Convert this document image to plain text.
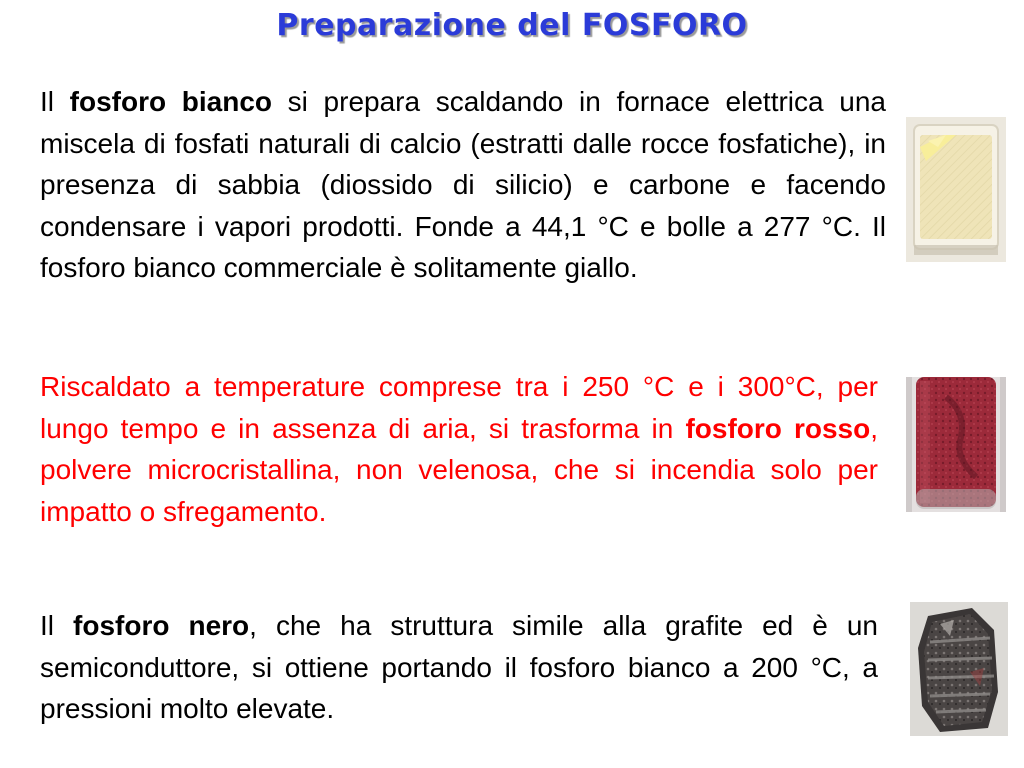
Preparazione del FOSFORO

Il fosforo bianco si prepara scaldando in fornace elettrica una miscela di fosfati naturali di calcio (estratti dalle rocce fosfatiche), in presenza di sabbia (diossido di silicio) e carbone e facendo condensare i vapori prodotti. Fonde a 44,1 °C e bolle a 277 °C. Il fosforo bianco commerciale è solitamente giallo.

Riscaldato a temperature comprese tra i 250 °C e i 300°C, per lungo tempo e in assenza di aria, si trasforma in fosforo rosso, polvere microcristallina, non velenosa, che si incendia solo per impatto o sfregamento.

Il fosforo nero, che ha struttura simile alla grafite ed è un semiconduttore, si ottiene portando il fosforo bianco a 200 °C, a pressioni molto elevate.
